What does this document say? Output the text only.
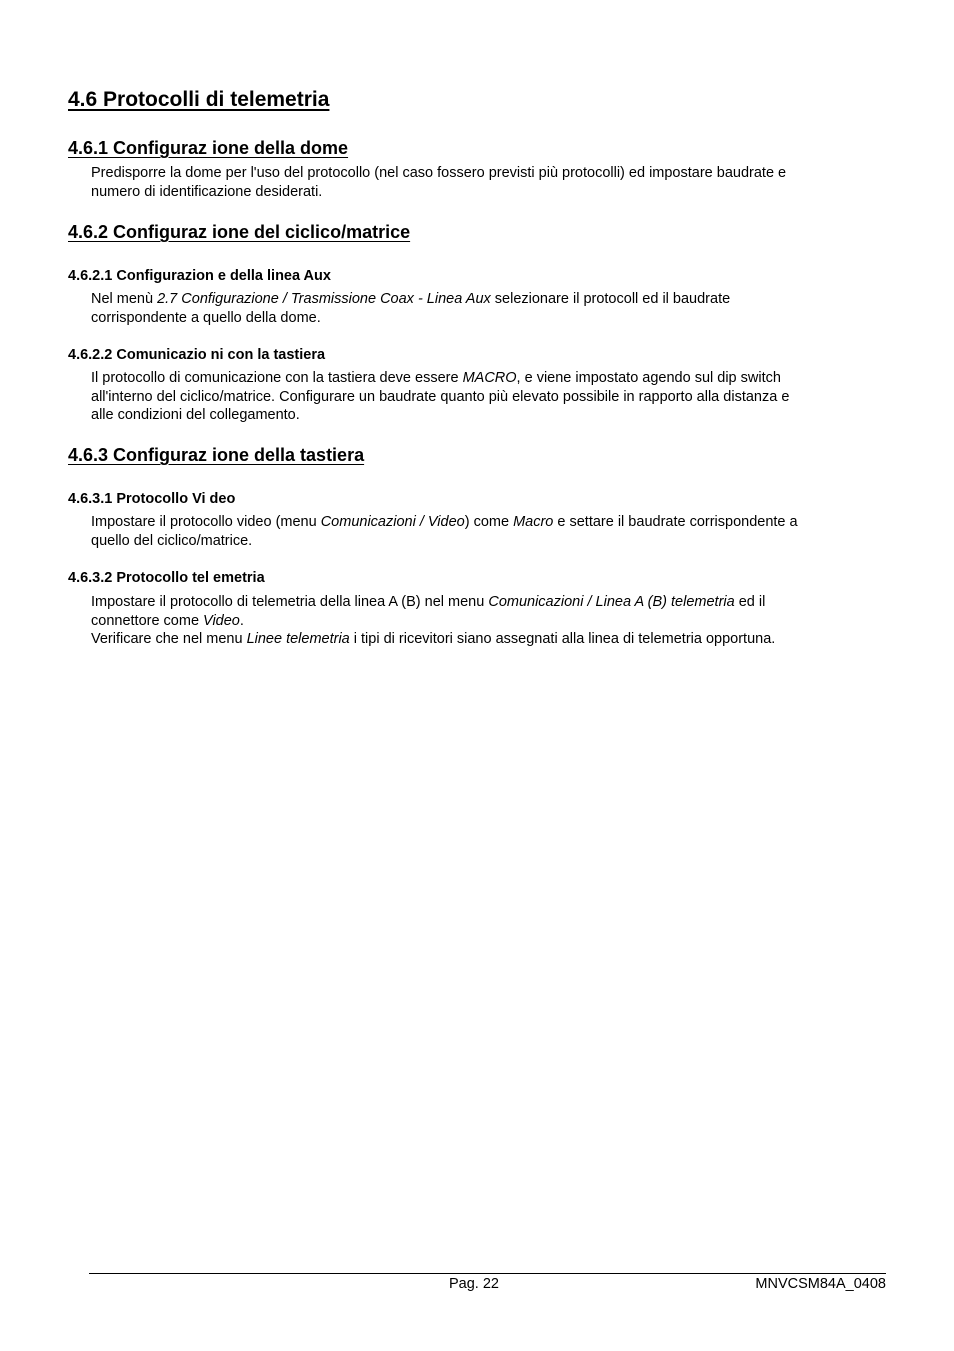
4.6 Protocolli di telemetria
4.6.1 Configuraz ione della dome
Predisporre la dome per l'uso del protocollo (nel caso fossero previsti più protocolli) ed impostare baudrate e
numero di identificazione desiderati.
4.6.2 Configuraz ione del ciclico/matrice
4.6.2.1 Configurazion e della linea Aux
Nel menù 2.7 Configurazione / Trasmissione Coax - Linea Aux selezionare il protocoll ed il baudrate
corrispondente a quello della dome.
4.6.2.2 Comunicazio ni con la tastiera
Il protocollo di comunicazione con la tastiera deve essere MACRO, e viene impostato agendo sul dip switch
all'interno del ciclico/matrice. Configurare un baudrate quanto più elevato possibile in rapporto alla distanza e
alle condizioni del collegamento.
4.6.3 Configuraz ione della tastiera
4.6.3.1 Protocollo Vi deo
Impostare il protocollo video (menu Comunicazioni / Video) come Macro e settare il baudrate corrispondente a
quello del ciclico/matrice.
4.6.3.2 Protocollo tel emetria
Impostare il protocollo di telemetria della linea A (B) nel menu Comunicazioni / Linea A (B) telemetria ed il
connettore come Video.
Verificare che nel menu Linee telemetria i tipi di ricevitori siano assegnati alla linea di telemetria opportuna.
Pag. 22	MNVCSM84A_0408
